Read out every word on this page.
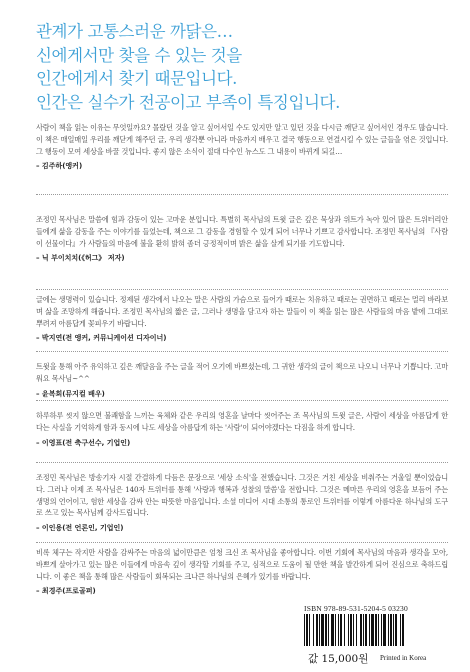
관계가 고통스러운 까닭은…
신에게서만 찾을 수 있는 것을
인간에게서 찾기 때문입니다.
인간은 실수가 전공이고 부족이 특징입니다.
사람이 책을 읽는 이유는 무엇일까요? 몰랐던 것을 알고 싶어서일 수도 있지만 알고 있던 것을 다시금 깨닫고 싶어서인 경우도 많습니다. 이 책은 매일매일 우리를 깨닫게 해주던 글, 우리 생각뿐 아니라 마음까지 배우고 결국 행동으로 연결시킬 수 있는 글들을 엮은 것입니다. 그 행동이 모여 세상을 바꿀 것입니다. 좋지 않은 소식이 절대 다수인 뉴스도 그 내용이 바뀌게 되길…
– 김주하(앵커)
조정민 목사님은 말씀에 힘과 감동이 있는 고마운 분입니다. 특별히 목사님의 트윗 글은 깊은 묵상과 위트가 녹아 있어 많은 트위터리안들에게 삶을 감동을 주는 이야기를 들었는데, 책으로 그 감동을 경험할 수 있게 되어 너무나 기쁘고 감사합니다. 조정민 목사님의 『사람이 선물이다』가 사람들의 마음에 불을 환히 밝혀 좀더 긍정적이며 밝은 삶을 살게 되기를 기도합니다.
– 닉 부이치치(《허그》 저자)
글에는 생명력이 있습니다. 정제된 생각에서 나오는 말은 사람의 가슴으로 들어가 때로는 치유하고 때로는 권면하고 때로는 멀리 바라보며 삶을 조망하게 해줍니다. 조정민 목사님의 짧은 글, 그러나 생명을 담고자 하는 말들이 이 책을 읽는 많은 사람들의 마음 밭에 그대로 뿌려져 아름답게 꽃피우기 바랍니다.
– 박지연(전 앵커, 커뮤니케이션 디자이너)
트윗을 통해 아주 유익하고 깊은 깨달음을 주는 글을 적어 오기에 바쁘셨는데, 그 귀한 생각의 글이 책으로 나오니 너무나 기쁩니다. 고마워요 목사님~^^
– 윤복희(뮤지컬 배우)
하루하루 씻지 않으면 불쾌함을 느끼는 육체와 같은 우리의 영혼을 날마다 씻어주는 조 목사님의 트윗 글은, 사람이 세상을 아름답게 한다는 사실을 기억하게 함과 동시에 나도 세상을 아름답게 하는 '사람'이 되어야겠다는 다짐을 하게 합니다.
– 이영표(전 축구선수, 기업인)
조정민 목사님은 방송기자 시절 간결하게 다듬은 문장으로 '세상 소식'을 전했습니다. 그것은 거친 세상을 비춰주는 거울일 뿐이었습니다. 그러나 이제 조 목사님은 140자 트위터를 통해 '사랑과 행복과 성찰의 말씀'을 전합니다. 그것은 메마른 우리의 영혼을 보듬어 주는 생명의 언어이고, 험한 세상을 감싸 안는 따뜻한 마음입니다. 소셜 미디어 시대 소통의 통로인 트위터를 이렇게 아름다운 하나님의 도구로 쓰고 있는 목사님께 감사드립니다.
– 이인용(전 언론인, 기업인)
비록 체구는 작지만 사람을 감싸주는 마음의 넓이만큼은 엄청 크신 조 목사님을 좋아합니다. 이번 기회에 목사님의 마음과 생각을 모아, 바쁘게 살아가고 있는 많은 이들에게 마음속 깊이 생각할 기회를 주고, 심적으로 도움이 될 만한 책을 발간하게 되어 진심으로 축하드립니다. 이 좋은 책을 통해 많은 사람들이 회복되는 크나큰 하나님의 은혜가 있기를 바랍니다.
– 최경주(프로골퍼)
ISBN 978-89-531-5204-5 03230
값 15,000원 Printed in Korea
